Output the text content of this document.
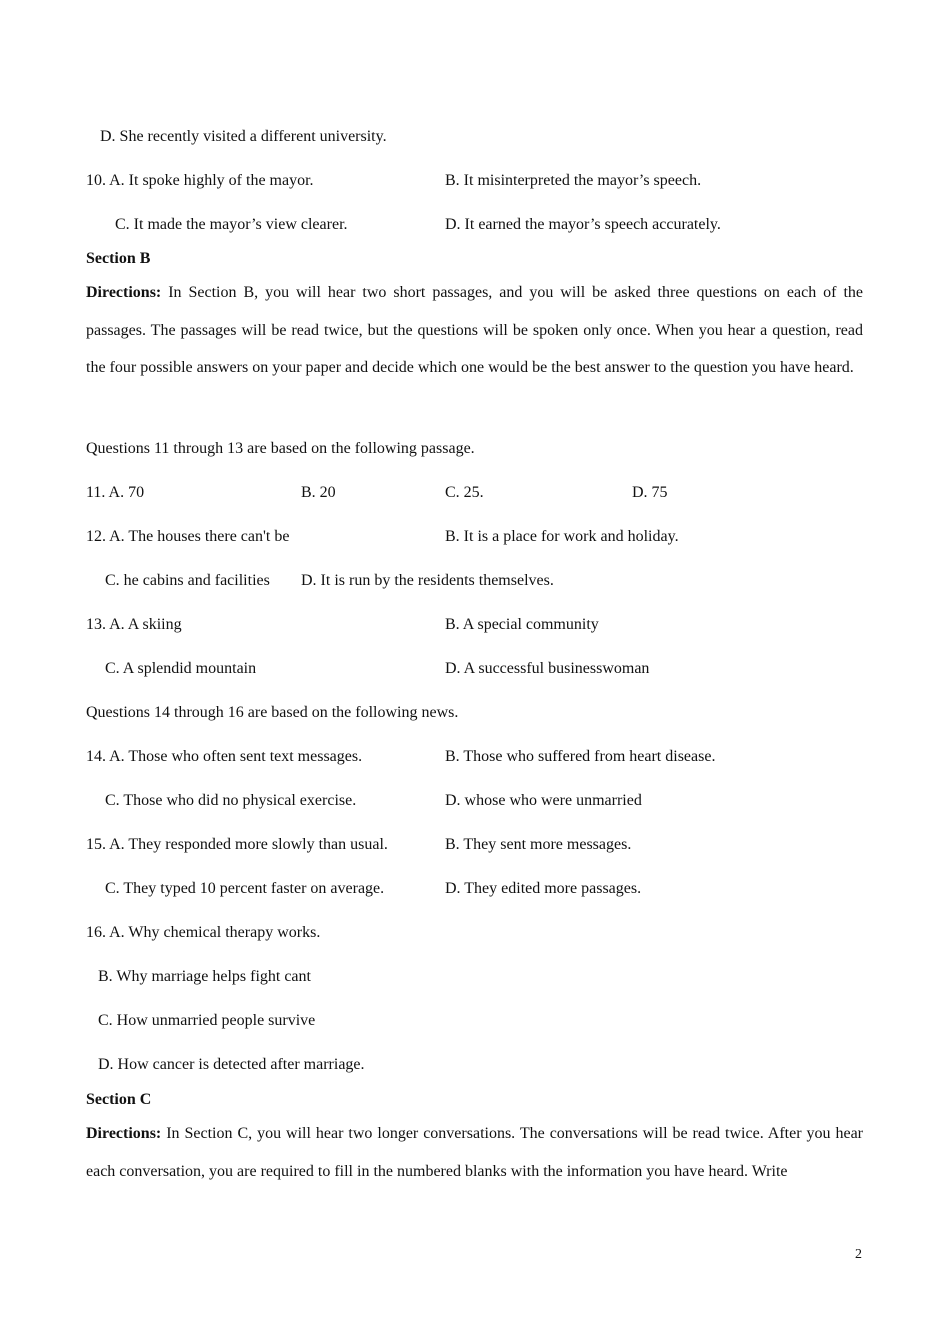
D. She recently visited a different university.
10. A. It spoke highly of the mayor.	B. It misinterpreted the mayor’s speech.
C. It made the mayor’s view clearer.	D. It earned the mayor’s speech accurately.
Section B
Directions: In Section B, you will hear two short passages, and you will be asked three questions on each of the passages. The passages will be read twice, but the questions will be spoken only once. When you hear a question, read the four possible answers on your paper and decide which one would be the best answer to the question you have heard.
Questions 11 through 13 are based on the following passage.
11. A. 70	B. 20	C. 25.	D. 75
12. A. The houses there can't be	B. It is a place for work and holiday.
C. he cabins and facilities D. It is run by the residents themselves.
13. A. A skiing	B. A special community
C. A splendid mountain	D. A successful businesswoman
Questions 14 through 16 are based on the following news.
14. A. Those who often sent text messages.	B. Those who suffered from heart disease.
C. Those who did no physical exercise.	D. whose who were unmarried
15. A. They responded more slowly than usual.	B. They sent more messages.
C. They typed 10 percent faster on average.	D. They edited more passages.
16. A. Why chemical therapy works.
B. Why marriage helps fight cant
C. How unmarried people survive
D. How cancer is detected after marriage.
Section C
Directions: In Section C, you will hear two longer conversations. The conversations will be read twice. After you hear each conversation, you are required to fill in the numbered blanks with the information you have heard. Write
2
